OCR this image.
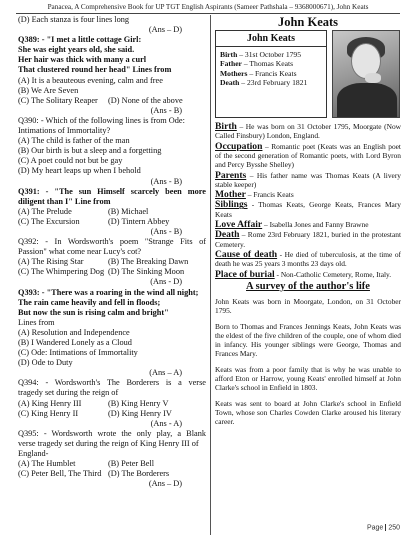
Panacea, A Comprehensive Book for UP TGT English Aspirants (Sameer Pathshala – 9368000671), John Keats
(D) Each stanza is four lines long
(Ans – D)
Q389: - "I met a little cottage Girl:
She was eight years old, she said.
Her hair was thick with many a curl
That clustered round her head" Lines from
(A) It is a beauteous evening, calm and free
(B) We Are Seven
(C) The Solitary Reaper	(D) None of the above
(Ans - B)
Q390: - Which of the following lines is from Ode:
Intimations of Immortality?
(A) The child is father of the man
(B) Our birth is but a sleep and a forgetting
(C) A poet could not but be gay
(D) My heart leaps up when I behold
(Ans - B)
Q391: - "The sun Himself scarcely been more
diligent than I" Line from
(A) The Prelude	(B) Michael
(C) The Excursion	(D) Tintern Abbey
(Ans - B)
Q392: - In Wordsworth's poem "Strange Fits of
Passion" what come near Lucy's cot?
(A) The Rising Star	(B) The Breaking Dawn
(C) The Whimpering Dog (D) The Sinking Moon
(Ans - D)
Q393: - "There was a roaring in the wind all night;
The rain came heavily and fell in floods;
But now the sun is rising calm and bright"
Lines from
(A) Resolution and Independence
(B) I Wandered Lonely as a Cloud
(C) Ode: Intimations of Immortality
(D) Ode to Duty
(Ans – A)
Q394: - Wordsworth's The Borderers is a verse
tragedy set during the reign of
(A) King Henry III	(B) King Henry V
(C) King Henry II	(D) King Henry IV
(Ans - A)
Q395: - Wordsworth wrote the only play, a Blank
verse tragedy set during the reign of King Henry III of
England-
(A) The Humblet	(B) Peter Bell
(C) Peter Bell, The Third (D) The Borderers
(Ans – D)
John Keats
John Keats
Birth – 31st October 1795
Father – Thomas Keats
Mothers – Francis Keats
Death – 23rd February 1821

Birth – He was born on 31 October 1795, Moorgate (Now Called Finsbury) London, England.

Occupation – Romantic poet (Keats was an English poet of the second generation of Romantic poets, with Lord Byron and Percy Bysshe Shelley)

Parents – His father name was Thomas Keats (A livery stable keeper)

Mother – Francis Keats

Siblings - Thomas Keats, George Keats, Frances Mary Keats

Love Affair – Isabella Jones and Fanny Brawne

Death – Rome 23rd February 1821, buried in the protestant Cemetery.

Cause of death - He died of tuberculosis, at the time of death he was 25 years 3 months 23 days old.

Place of burial - Non-Catholic Cemetery, Rome, Italy.

A survey of the author's life

John Keats was born in Moorgate, London, on 31 October 1795.

Born to Thomas and Frances Jennings Keats, John Keats was the eldest of the five children of the couple, one of whom died in infancy. His younger siblings were George, Thomas and Frances Mary.

Keats was from a poor family that is why he was unable to afford Eton or Harrow, young Keats' enrolled himself at John Clarke's school in Enfield in 1803.

Keats was sent to board at John Clarke's school in Enfield Town, whose son Charles Cowden Clarke aroused his literary career.

Page 250
